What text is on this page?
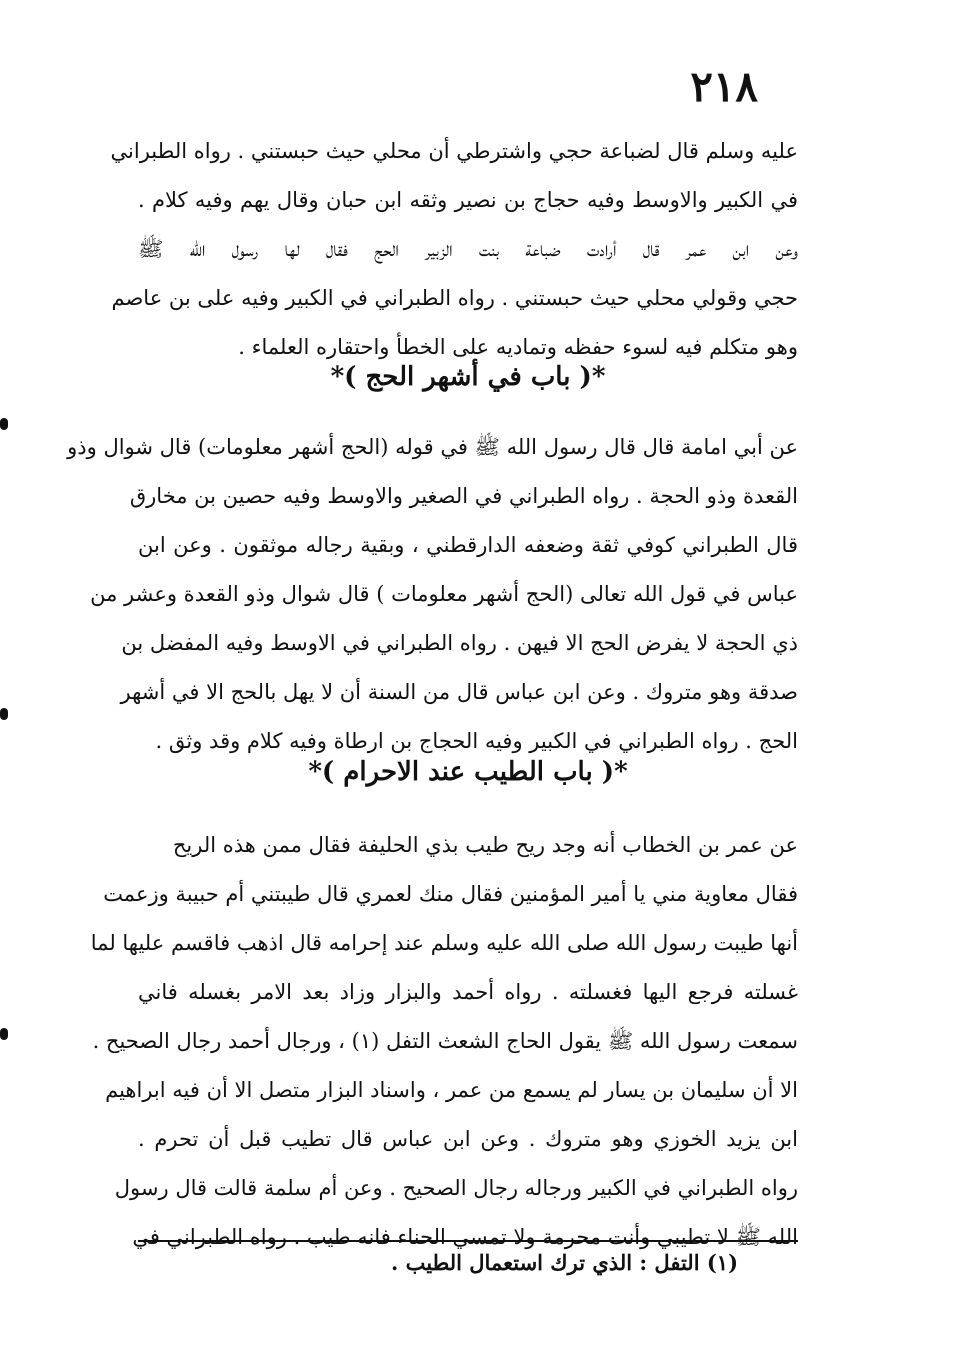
٢١٨
عليه وسلم قال لضباعة حجي واشترطي أن محلي حيث حبستني . رواه الطبراني
في الكبير والاوسط وفيه حجاج بن نصير وثقه ابن حبان وقال يهم وفيه كلام .
وعن ابن عمر قال أرادت ضباعة بنت الزبير الحج فقال لها رسول الله ﷺ
حجي وقولي محلي حيث حبستني . رواه الطبراني في الكبير وفيه على بن عاصم
وهو متكلم فيه لسوء حفظه وتماديه على الخطأ واحتقاره العلماء .
*( باب في أشهر الحج )*
عن أبي امامة قال قال رسول الله ﷺ في قوله (الحج أشهر معلومات) قال شوال وذو
القعدة وذو الحجة . رواه الطبراني في الصغير والاوسط وفيه حصين بن مخارق
قال الطبراني كوفي ثقة وضعفه الدارقطني ، وبقية رجاله موثقون . وعن ابن
عباس في قول الله تعالى (الحج أشهر معلومات ) قال شوال وذو القعدة وعشر من
ذي الحجة لا يفرض الحج الا فيهن . رواه الطبراني في الاوسط وفيه المفضل بن
صدقة وهو متروك . وعن ابن عباس قال من السنة أن لا يهل بالحج الا في أشهر
الحج . رواه الطبراني في الكبير وفيه الحجاج بن ارطاة وفيه كلام وقد وثق .
*( باب الطيب عند الاحرام )*
عن عمر بن الخطاب أنه وجد ريح طيب بذي الحليفة فقال ممن هذه الريح
فقال معاوية مني يا أمير المؤمنين فقال منك لعمري قال طيبتني أم حبيبة وزعمت
أنها طيبت رسول الله صلى الله عليه وسلم عند إحرامه قال اذهب فاقسم عليها لما
غسلته فرجع اليها فغسلته . رواه أحمد والبزار وزاد بعد الامر بغسله فاني
سمعت رسول الله ﷺ يقول الحاج الشعث التفل (١) ، ورجال أحمد رجال الصحيح .
الا أن سليمان بن يسار لم يسمع من عمر ، واسناد البزار متصل الا أن فيه ابراهيم
ابن يزيد الخوزي وهو متروك . وعن ابن عباس قال تطيب قبل أن تحرم .
رواه الطبراني في الكبير ورجاله رجال الصحيح . وعن أم سلمة قالت قال رسول
الله ﷺ لا تطيبي وأنت محرمة ولا تمسي الحناء فانه طيب . رواه الطبراني في
(١) التفل : الذي ترك استعمال الطيب .
